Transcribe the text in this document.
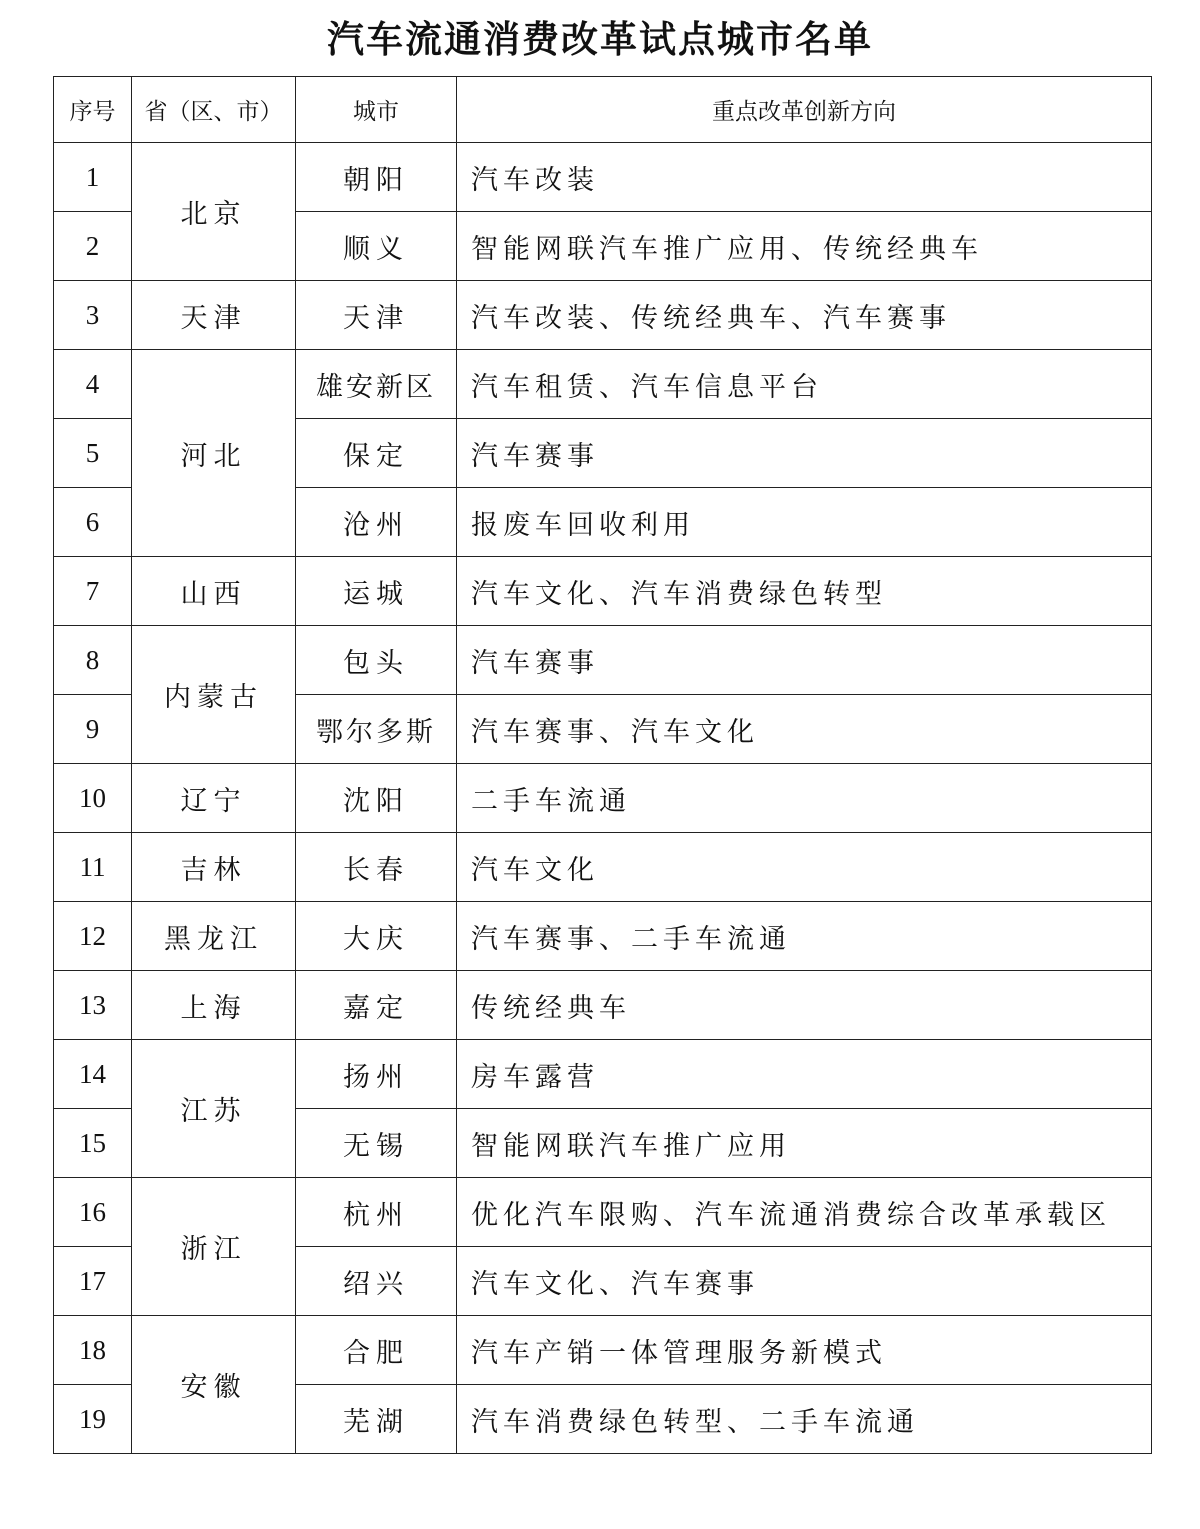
汽车流通消费改革试点城市名单
序号	省（区、市）	城市	重点改革创新方向
1	北京	朝阳	汽车改装
2		顺义	智能网联汽车推广应用、传统经典车
3	天津	天津	汽车改装、传统经典车、汽车赛事
4	河北	雄安新区	汽车租赁、汽车信息平台
5		保定	汽车赛事
6		沧州	报废车回收利用
7	山西	运城	汽车文化、汽车消费绿色转型
8	内蒙古	包头	汽车赛事
9		鄂尔多斯	汽车赛事、汽车文化
10	辽宁	沈阳	二手车流通
11	吉林	长春	汽车文化
12	黑龙江	大庆	汽车赛事、二手车流通
13	上海	嘉定	传统经典车
14	江苏	扬州	房车露营
15		无锡	智能网联汽车推广应用
16	浙江	杭州	优化汽车限购、汽车流通消费综合改革承载区
17		绍兴	汽车文化、汽车赛事
18	安徽	合肥	汽车产销一体管理服务新模式
19		芜湖	汽车消费绿色转型、二手车流通
